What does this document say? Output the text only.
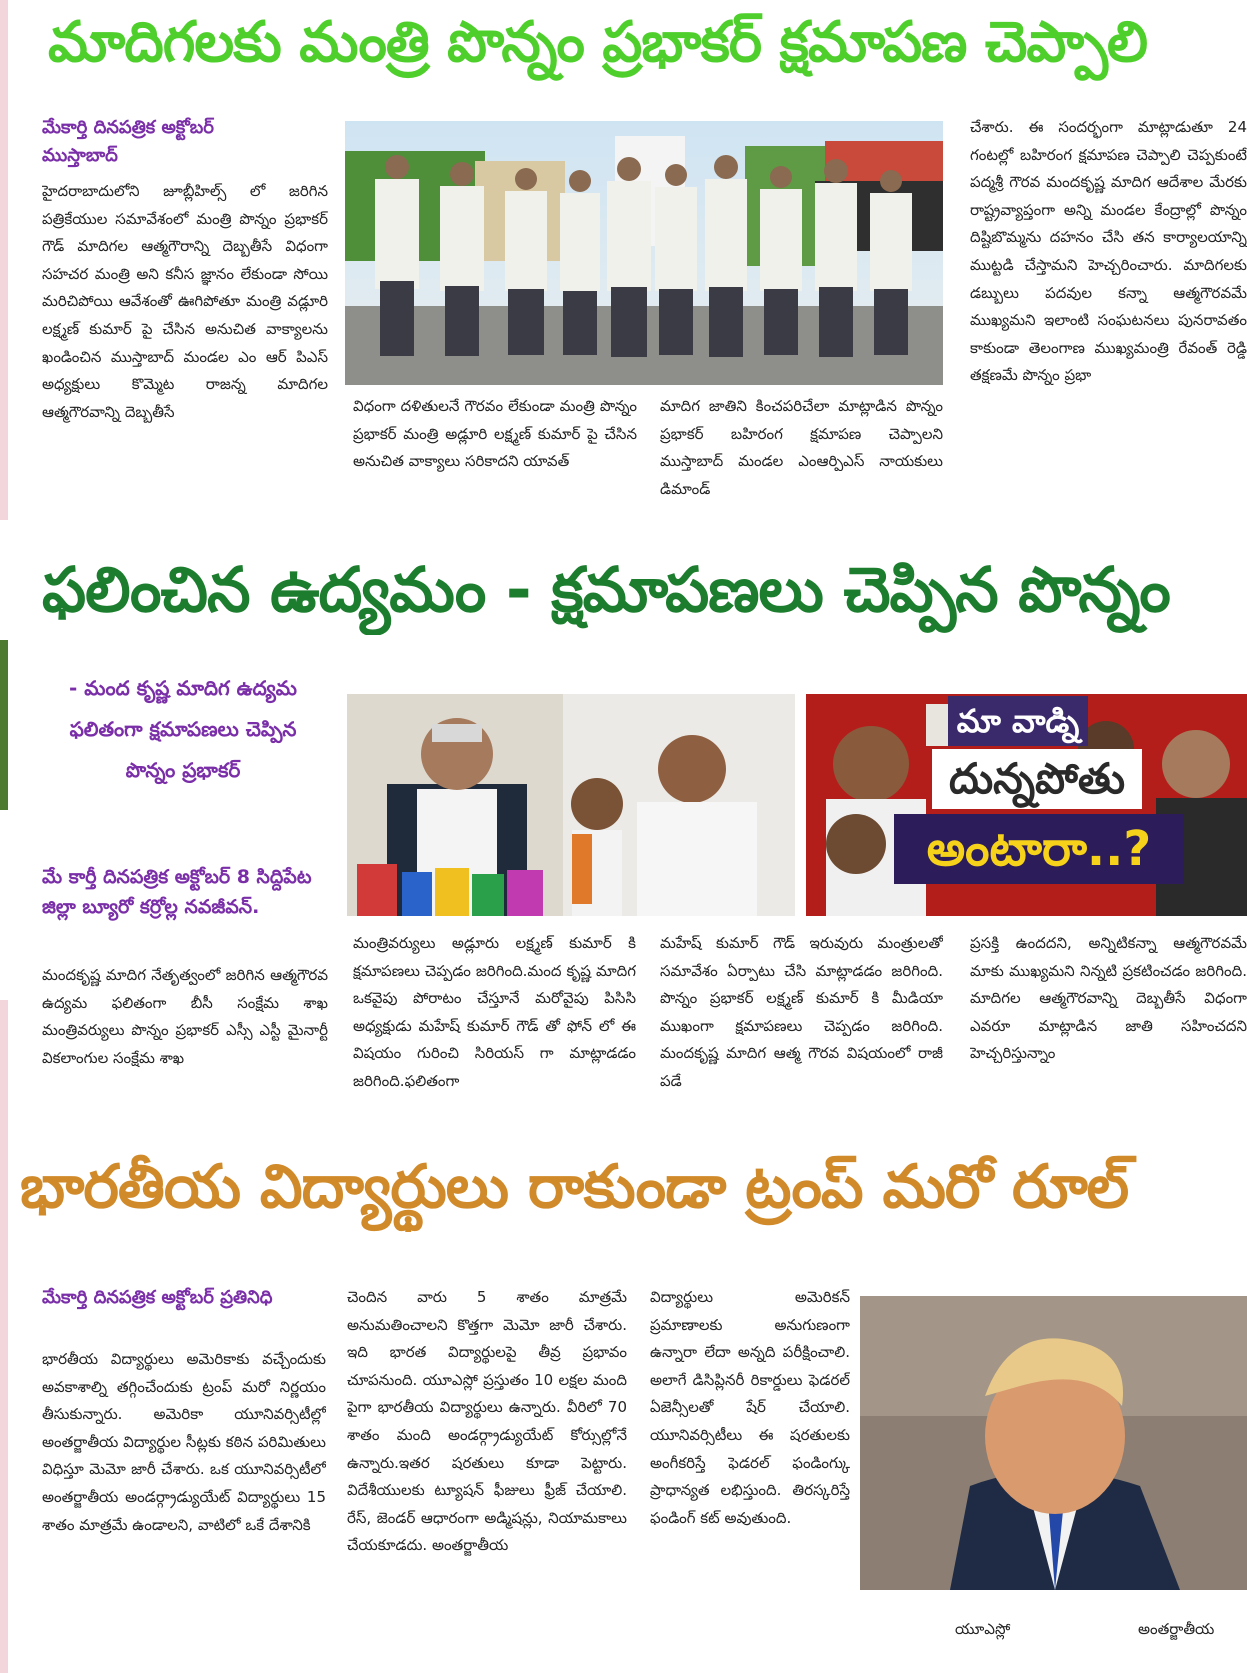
మాదిగలకు మంత్రి పొన్నం ప్రభాకర్ క్షమాపణ చెప్పాలి
మేకార్తి దినపత్రిక అక్టోబర్ ముస్తాబాద్
హైదరాబాదులోని జూబ్లీహిల్స్ లో జరిగిన పత్రికేయుల సమావేశంలో మంత్రి పొన్నం ప్రభాకర్ గౌడ్ మాదిగల ఆత్మగౌరాన్ని దెబ్బతీసే విధంగా సహచర మంత్రి అని కనీస జ్ఞానం లేకుండా సోయి మరిచిపోయి ఆవేశంతో ఊగిపోతూ మంత్రి వడ్లూరి లక్ష్మణ్ కుమార్ పై చేసిన అనుచిత వాక్యాలను ఖండించిన ముస్తాబాద్ మండల ఎం ఆర్ పిఎస్ అధ్యక్షులు కొమ్మెట రాజన్న మాదిగల ఆత్మగౌరవాన్ని దెబ్బతీసే	విధంగా దళితులనే గౌరవం లేకుండా మంత్రి పొన్నం ప్రభాకర్ మంత్రి అడ్లూరి లక్ష్మణ్ కుమార్ పై చేసిన అనుచిత వాక్యాలు సరికాదని యావత్
మాదిగ జాతిని కించపరిచేలా మాట్లాడిన పొన్నం ప్రభాకర్ బహిరంగ క్షమాపణ చెప్పాలని ముస్తాబాద్ మండల ఎంఆర్పిఎస్ నాయకులు డిమాండ్
చేశారు. ఈ సందర్భంగా మాట్లాడుతూ 24 గంటల్లో బహిరంగ క్షమాపణ చెప్పాలి చెప్పకుంటే పద్మశ్రీ గౌరవ మందకృష్ణ మాదిగ ఆదేశాల మేరకు రాష్ట్రవ్యాప్తంగా అన్ని మండల కేంద్రాల్లో పొన్నం దిష్టిబొమ్మను దహనం చేసి తన కార్యాలయాన్ని ముట్టడి చేస్తామని హెచ్చరించారు. మాదిగలకు డబ్బులు పదవుల కన్నా ఆత్మగౌరవమే ముఖ్యమని ఇలాంటి సంఘటనలు పునరావతం కాకుండా తెలంగాణ ముఖ్యమంత్రి రేవంత్ రెడ్డి తక్షణమే పొన్నం ప్రభా
ఫలించిన ఉద్యమం - క్షమాపణలు చెప్పిన పొన్నం
- మంద కృష్ణ మాదిగ ఉద్యమ ఫలితంగా క్షమాపణలు చెప్పిన పొన్నం ప్రభాకర్
మే కార్తీ దినపత్రిక అక్టోబర్ 8 సిద్దిపేట జిల్లా బ్యూరో కర్రోల్ల నవజీవన్.
మందకృష్ణ మాదిగ నేతృత్వంలో జరిగిన ఆత్మగౌరవ ఉద్యమ ఫలితంగా బీసీ సంక్షేమ శాఖ మంత్రివర్యులు పొన్నం ప్రభాకర్ ఎస్సీ ఎస్టీ మైనార్టీ వికలాంగుల సంక్షేమ శాఖ
మా వాడ్ని
దున్నపోతు
అంటారా..?
మంత్రివర్యులు అడ్లూరు లక్ష్మణ్ కుమార్ కి క్షమాపణలు చెప్పడం జరిగింది.మంద కృష్ణ మాదిగ ఒకవైపు పోరాటం చేస్తూనే మరోవైపు పిసిసి అధ్యక్షుడు మహేష్ కుమార్ గౌడ్ తో ఫోన్ లో ఈ విషయం గురించి సిరియస్ గా మాట్లాడడం జరిగింది.ఫలితంగా
మహేష్ కుమార్ గౌడ్ ఇరువురు మంత్రులతో సమావేశం ఏర్పాటు చేసి మాట్లాడడం జరిగింది. పొన్నం ప్రభాకర్ లక్ష్మణ్ కుమార్ కి మీడియా ముఖంగా క్షమాపణలు చెప్పడం జరిగింది. మందకృష్ణ మాదిగ ఆత్మ గౌరవ విషయంలో రాజీ పడే
ప్రసక్తి ఉందదని, అన్నిటికన్నా ఆత్మగౌరవమే మాకు ముఖ్యమని నిన్నటి ప్రకటించడం జరిగింది. మాదిగల ఆత్మగౌరవాన్ని దెబ్బతీసే విధంగా ఎవరూ మాట్లాడిన జాతి సహించదని హెచ్చరిస్తున్నాం
భారతీయ విద్యార్థులు రాకుండా ట్రంప్ మరో రూల్
మేకార్తి దినపత్రిక అక్టోబర్ ప్రతినిధి
భారతీయ విద్యార్థులు అమెరికాకు వచ్చేందుకు అవకాశాల్ని తగ్గించేందుకు ట్రంప్ మరో నిర్ణయం తీసుకున్నారు. అమెరికా యూనివర్సిటీల్లో అంతర్జాతీయ విద్యార్థుల సీట్లకు కఠిన పరిమితులు విధిస్తూ మెమో జారీ చేశారు. ఒక యూనివర్సిటీలో అంతర్జాతీయ అండర్గ్రాడ్యుయేట్ విద్యార్థులు 15 శాతం మాత్రమే ఉండాలని, వాటిలో ఒకే దేశానికి
చెందిన వారు 5 శాతం మాత్రమే అనుమతించాలని కొత్తగా మెమో జారీ చేశారు. ఇది భారత విద్యార్థులపై తీవ్ర ప్రభావం చూపనుంది. యూఎస్లో ప్రస్తుతం 10 లక్షల మంది పైగా భారతీయ విద్యార్థులు ఉన్నారు. వీరిలో 70 శాతం మంది అండర్గ్రాడ్యుయేట్ కోర్సుల్లోనే ఉన్నారు.ఇతర షరతులు కూడా పెట్టారు. విదేశీయులకు ట్యూషన్ ఫీజులు ఫ్రీజ్ చేయాలి. రేస్, జెండర్ ఆధారంగా అడ్మిషన్లు, నియామకాలు చేయకూడదు. అంతర్జాతీయ
విద్యార్థులు అమెరికన్ ప్రమాణాలకు అనుగుణంగా ఉన్నారా లేదా అన్నది పరీక్షించాలి. అలాగే డిసిప్లినరీ రికార్డులు ఫెడరల్ ఏజెన్సీలతో షేర్ చేయాలి. యూనివర్సిటీలు ఈ షరతులకు అంగీకరిస్తే ఫెడరల్ ఫండింగ్కు ప్రాధాన్యత లభిస్తుంది. తిరస్కరిస్తే ఫండింగ్ కట్ అవుతుంది.
యూఎస్లో	అంతర్జాతీయ
